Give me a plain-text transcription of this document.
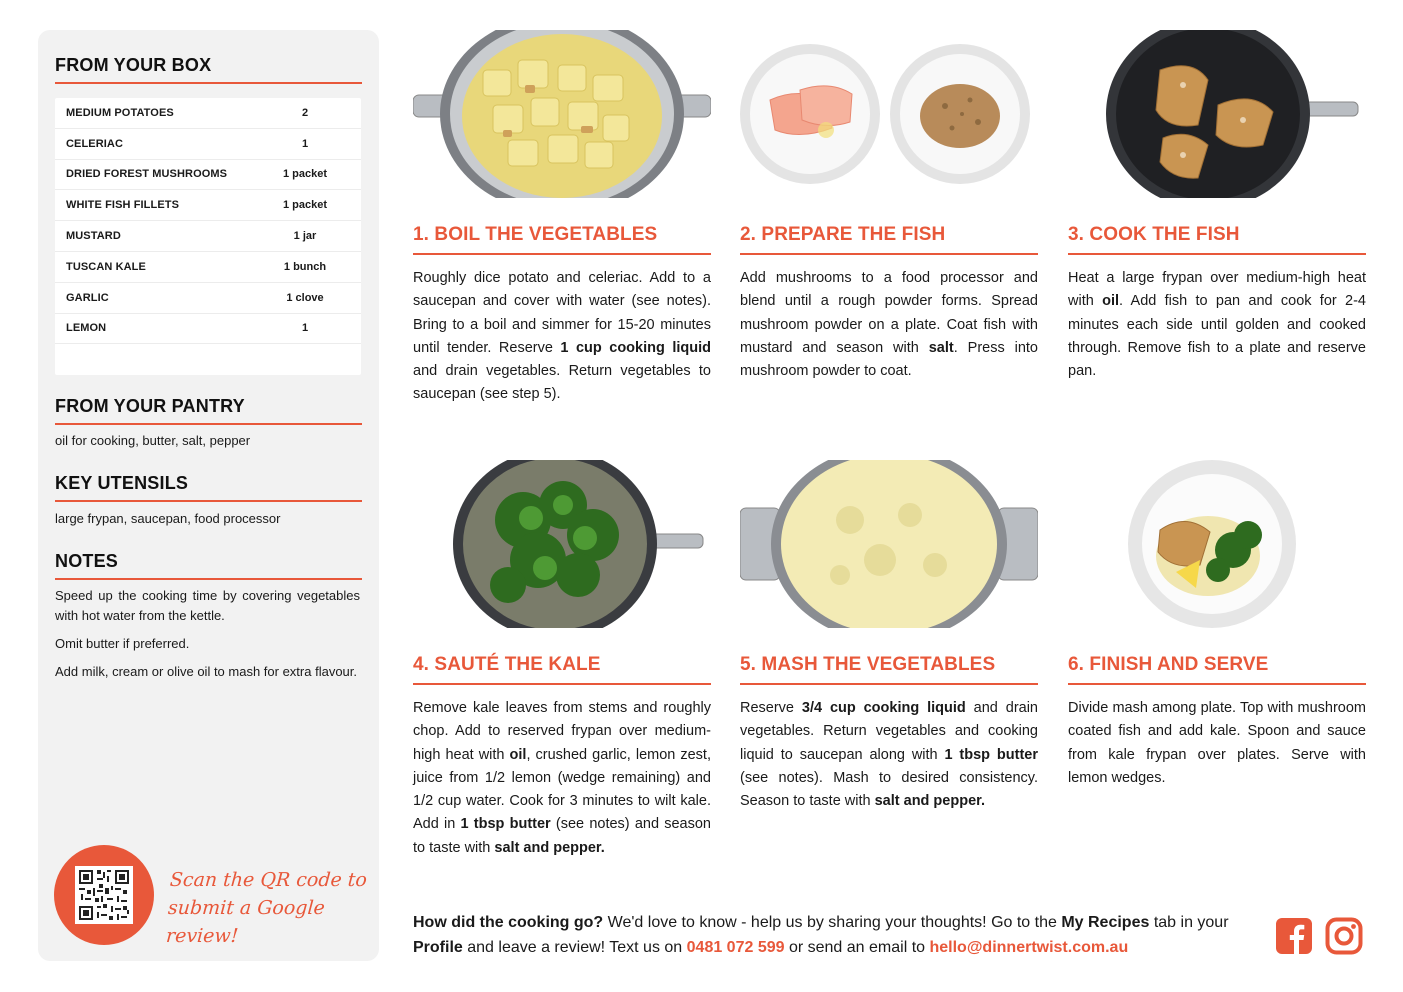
FROM YOUR BOX
MEDIUM POTATOES	2
CELERIAC	1
DRIED FOREST MUSHROOMS	1 packet
WHITE FISH FILLETS	1 packet
MUSTARD	1 jar
TUSCAN KALE	1 bunch
GARLIC	1 clove
LEMON	1
FROM YOUR PANTRY
oil for cooking, butter, salt, pepper
KEY UTENSILS
large frypan, saucepan, food processor
NOTES

Speed up the cooking time by covering vegetables with hot water from the kettle.

Omit butter if preferred.

Add milk, cream or olive oil to mash for extra flavour.

Scan the QR code to
submit a Google review!
1. BOIL THE VEGETABLES
Roughly dice potato and celeriac. Add to a saucepan and cover with water (see notes). Bring to a boil and simmer for 15-20 minutes until tender. Reserve 1 cup cooking liquid and drain vegetables. Return vegetables to saucepan (see step 5).
2. PREPARE THE FISH
Add mushrooms to a food processor and blend until a rough powder forms. Spread mushroom powder on a plate. Coat fish with mustard and season with salt. Press into mushroom powder to coat.
3. COOK THE FISH
Heat a large frypan over medium-high heat with oil. Add fish to pan and cook for 2-4 minutes each side until golden and cooked through. Remove fish to a plate and reserve pan.
4. SAUTÉ THE KALE
Remove kale leaves from stems and roughly chop. Add to reserved frypan over medium-high heat with oil, crushed garlic, lemon zest, juice from 1/2 lemon (wedge remaining) and 1/2 cup water. Cook for 3 minutes to wilt kale. Add in 1 tbsp butter (see notes) and season to taste with salt and pepper.
5. MASH THE VEGETABLES
Reserve 3/4 cup cooking liquid and drain vegetables. Return vegetables and cooking liquid to saucepan along with 1 tbsp butter (see notes). Mash to desired consistency. Season to taste with salt and pepper.
6. FINISH AND SERVE
Divide mash among plate. Top with mushroom coated fish and add kale. Spoon and sauce from kale frypan over plates. Serve with lemon wedges.
How did the cooking go? We'd love to know - help us by sharing your thoughts! Go to the My Recipes tab in your Profile and leave a review! Text us on 0481 072 599 or send an email to hello@dinnertwist.com.au
